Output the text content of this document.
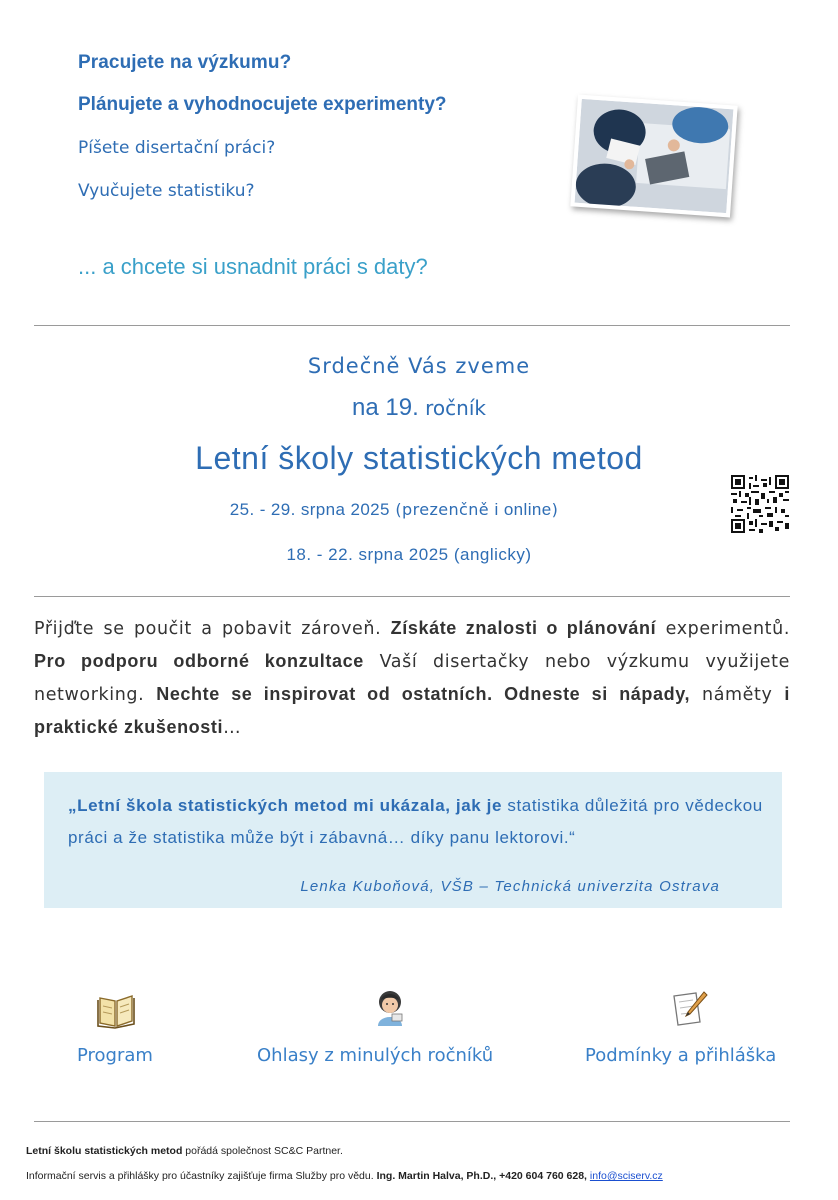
Pracujete na výzkumu?
Plánujete a vyhodnocujete experimenty?
Píšete disertační práci?
Vyučujete statistiku?
... a chcete si usnadnit práci s daty?
Srdečně Vás zveme
na 19. ročník
Letní školy statistických metod
25. - 29. srpna 2025 (prezenčně i online)
18. - 22. srpna 2025 (anglicky)
Přijďte se poučit a pobavit zároveň. Získáte znalosti o plánování experimentů. Pro podporu odborné konzultace Vaší disertačky nebo výzkumu využijete networking. Nechte se inspirovat od ostatních. Odneste si nápady, náměty i praktické zkušenosti…
„Letní škola statistických metod mi ukázala, jak je statistika důležitá pro vědeckou práci a že statistika může být i zábavná… díky panu lektorovi.“
Lenka Kuboňová, VŠB – Technická univerzita Ostrava
Program	Ohlasy z minulých ročníků	Podmínky a přihláška
Letní školu statistických metod pořádá společnost SC&C Partner.
Informační servis a přihlášky pro účastníky zajišťuje firma Služby pro vědu. Ing. Martin Halva, Ph.D., +420 604 760 628, info@sciserv.cz
